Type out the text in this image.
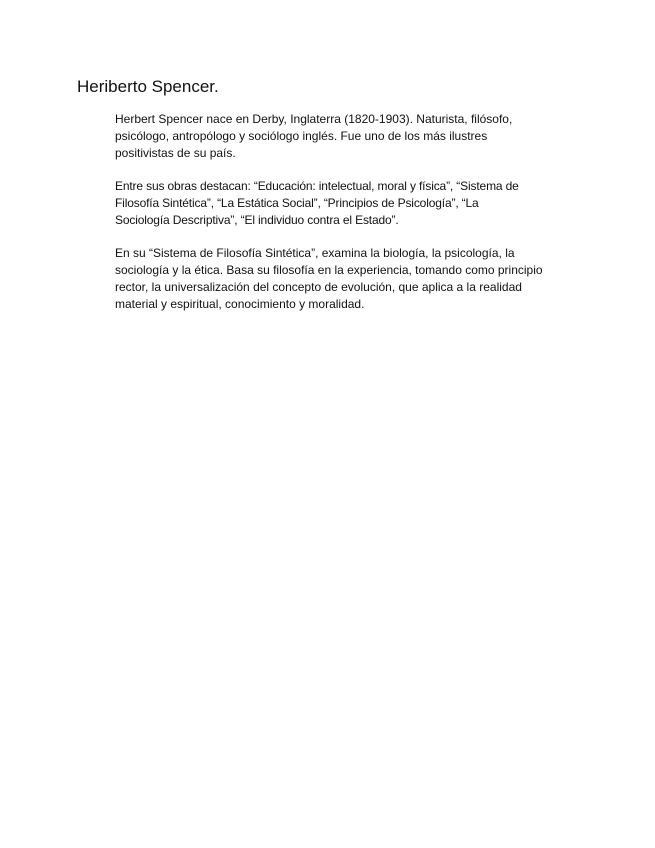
Heriberto Spencer.

Herbert Spencer nace en Derby, Inglaterra (1820-1903). Naturista, filósofo,
psicólogo, antropólogo y sociólogo inglés. Fue uno de los más ilustres
positivistas de su país.

Entre sus obras destacan: “Educación: intelectual, moral y física”, “Sistema de
Filosofía Sintética”, “La Estática Social”, “Principios de Psicología”, “La
Sociología Descriptiva”, “El individuo contra el Estado”.

En su “Sistema de Filosofía Sintética”, examina la biología, la psicología, la
sociología y la ética. Basa su filosofía en la experiencia, tomando como principio
rector, la universalización del concepto de evolución, que aplica a la realidad
material y espiritual, conocimiento y moralidad.
